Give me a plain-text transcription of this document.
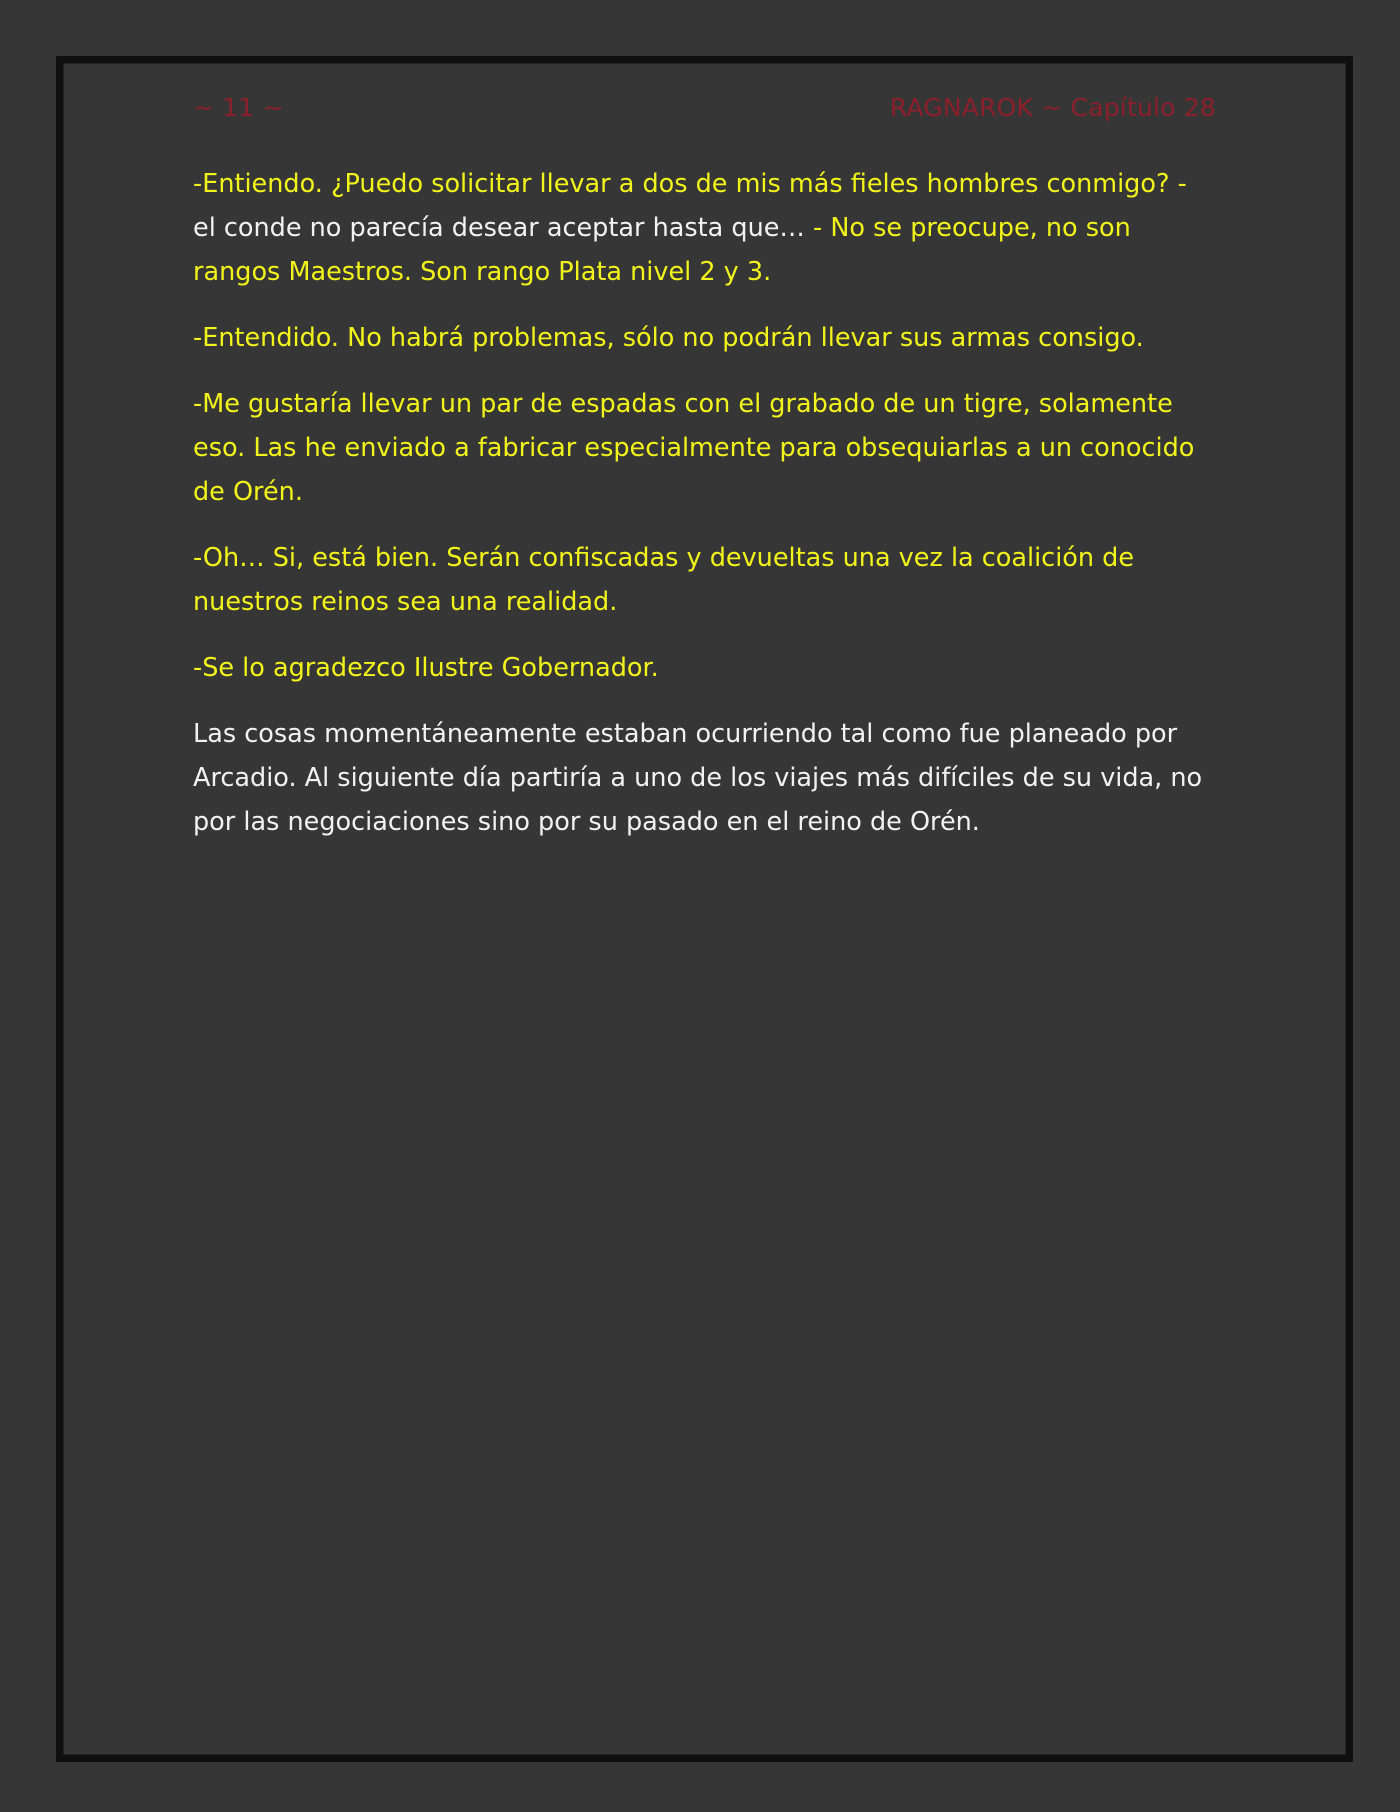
~ 11 ~	RAGNAROK ~ Capítulo 28

-Entiendo. ¿Puedo solicitar llevar a dos de mis más fieles hombres conmigo? - el conde no parecía desear aceptar hasta que… - No se preocupe, no son rangos Maestros. Son rango Plata nivel 2 y 3.

-Entendido. No habrá problemas, sólo no podrán llevar sus armas consigo.

-Me gustaría llevar un par de espadas con el grabado de un tigre, solamente eso. Las he enviado a fabricar especialmente para obsequiarlas a un conocido de Orén.

-Oh… Si, está bien. Serán confiscadas y devueltas una vez la coalición de nuestros reinos sea una realidad.

-Se lo agradezco Ilustre Gobernador.

Las cosas momentáneamente estaban ocurriendo tal como fue planeado por Arcadio. Al siguiente día partiría a uno de los viajes más difíciles de su vida, no por las negociaciones sino por su pasado en el reino de Orén.
